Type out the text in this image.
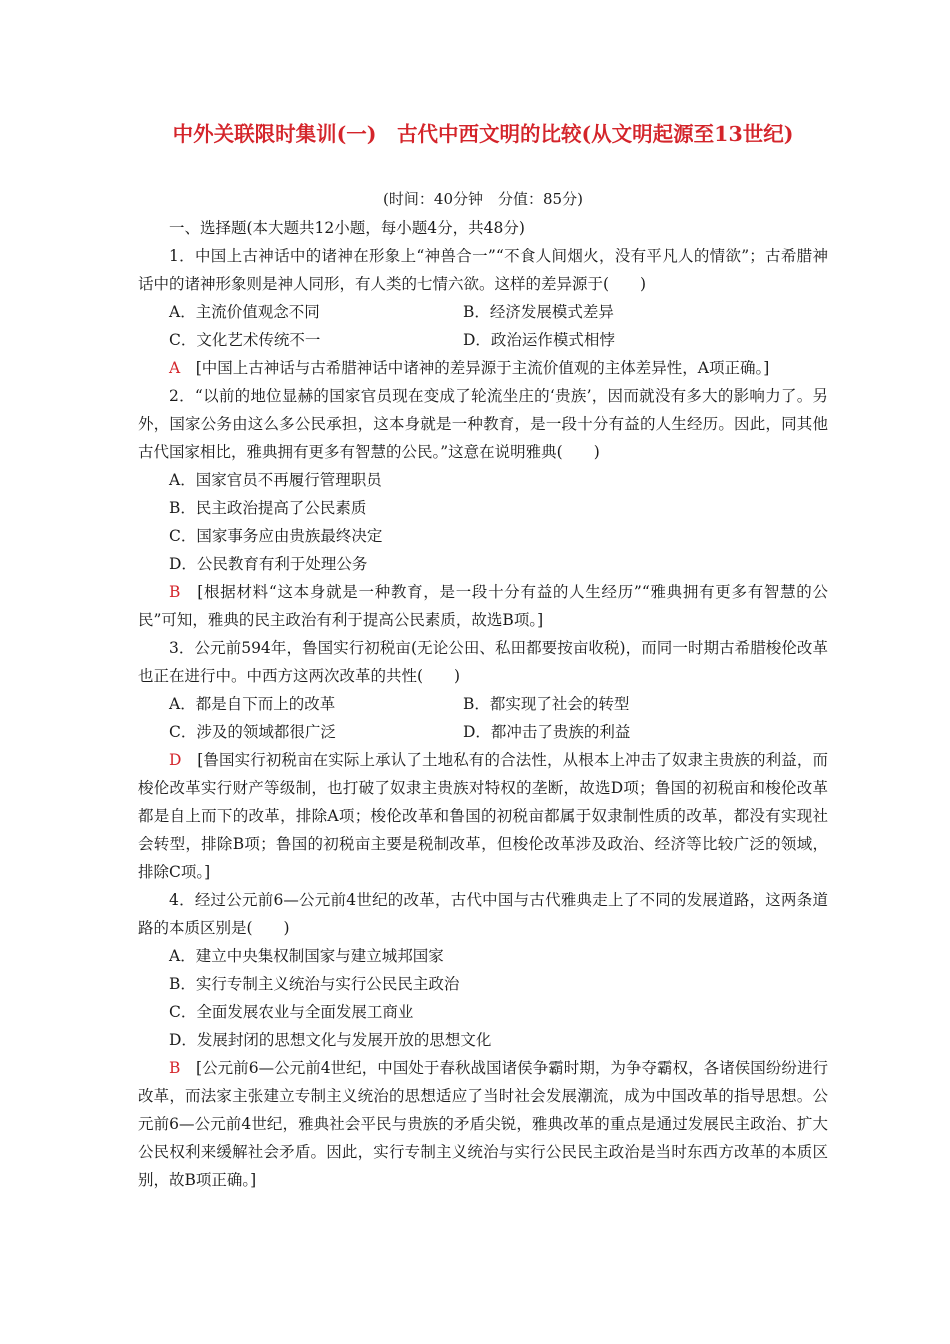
中外关联限时集训(一)　古代中西文明的比较(从文明起源至13世纪)
(时间：40分钟　分值：85分)

一、选择题(本大题共12小题，每小题4分，共48分)

1．中国上古神话中的诸神在形象上“神兽合一”“不食人间烟火，没有平凡人的情欲”；古希腊神话中的诸神形象则是神人同形，有人类的七情六欲。这样的差异源于(　　)

A．主流价值观念不同	B．经济发展模式差异
C．文化艺术传统不一	D．政治运作模式相悖

A　 [中国上古神话与古希腊神话中诸神的差异源于主流价值观的主体差异性，A项正确。]

2．“以前的地位显赫的国家官员现在变成了轮流坐庄的‘贵族’，因而就没有多大的影响力了。另外，国家公务由这么多公民承担，这本身就是一种教育，是一段十分有益的人生经历。因此，同其他古代国家相比，雅典拥有更多有智慧的公民。”这意在说明雅典(　　)

A．国家官员不再履行管理职员
B．民主政治提高了公民素质
C．国家事务应由贵族最终决定
D．公民教育有利于处理公务

B　 [根据材料“这本身就是一种教育，是一段十分有益的人生经历”“雅典拥有更多有智慧的公民”可知，雅典的民主政治有利于提高公民素质，故选B项。]

3．公元前594年，鲁国实行初税亩(无论公田、私田都要按亩收税)，而同一时期古希腊梭伦改革也正在进行中。中西方这两次改革的共性(　　)

A．都是自下而上的改革	B．都实现了社会的转型
C．涉及的领域都很广泛	D．都冲击了贵族的利益

D　 [鲁国实行初税亩在实际上承认了土地私有的合法性，从根本上冲击了奴隶主贵族的利益，而梭伦改革实行财产等级制，也打破了奴隶主贵族对特权的垄断，故选D项；鲁国的初税亩和梭伦改革都是自上而下的改革，排除A项；梭伦改革和鲁国的初税亩都属于奴隶制性质的改革，都没有实现社会转型，排除B项；鲁国的初税亩主要是税制改革，但梭伦改革涉及政治、经济等比较广泛的领域，排除C项。]

4．经过公元前6—公元前4世纪的改革，古代中国与古代雅典走上了不同的发展道路，这两条道路的本质区别是(　　)

A．建立中央集权制国家与建立城邦国家
B．实行专制主义统治与实行公民民主政治
C．全面发展农业与全面发展工商业
D．发展封闭的思想文化与发展开放的思想文化

B　 [公元前6—公元前4世纪，中国处于春秋战国诸侯争霸时期，为争夺霸权，各诸侯国纷纷进行改革，而法家主张建立专制主义统治的思想适应了当时社会发展潮流，成为中国改革的指导思想。公元前6—公元前4世纪，雅典社会平民与贵族的矛盾尖锐，雅典改革的重点是通过发展民主政治、扩大公民权利来缓解社会矛盾。因此，实行专制主义统治与实行公民民主政治是当时东西方改革的本质区别，故B项正确。]
